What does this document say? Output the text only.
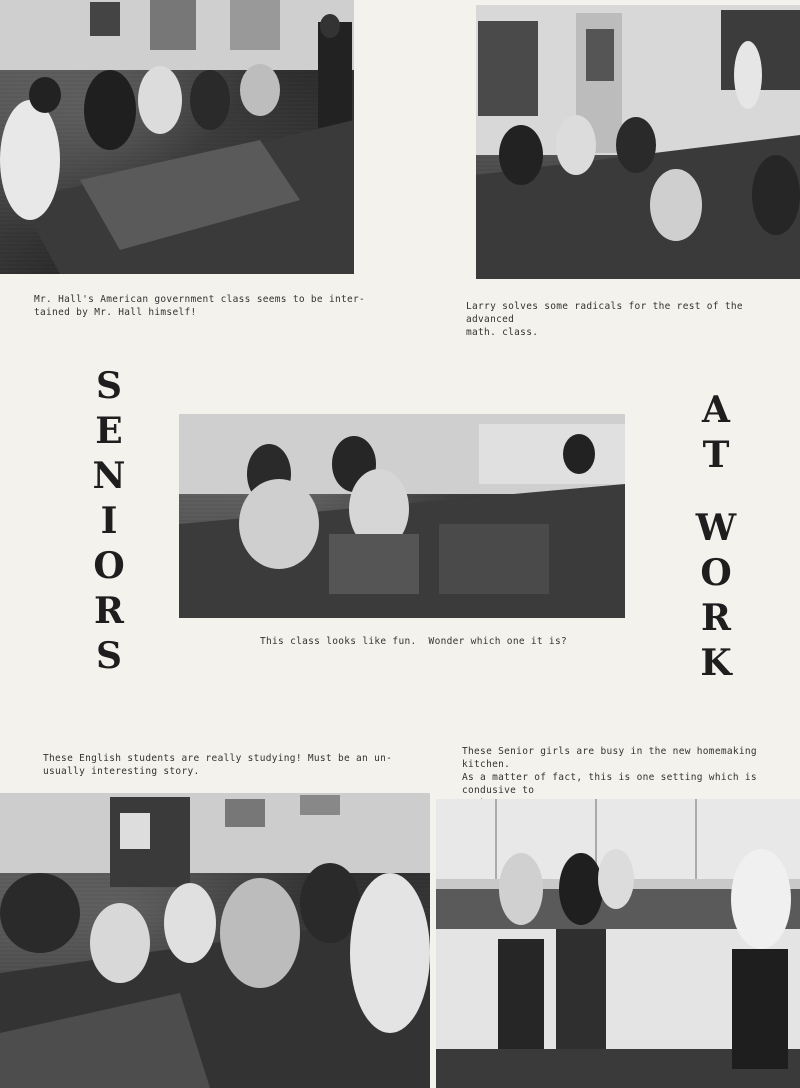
Mr. Hall's American government class seems to be inter-
tained by Mr. Hall himself!
Larry solves some radicals for the rest of the advanced
math. class.
S
E
N
I
O
R
S
A
T
W
O
R
K
This class looks like fun.  Wonder which one it is?
These English students are really studying! Must be an un-
usually interesting story.
These Senior girls are busy in the new homemaking kitchen.
As a matter of fact, this is one setting which is condusive to
